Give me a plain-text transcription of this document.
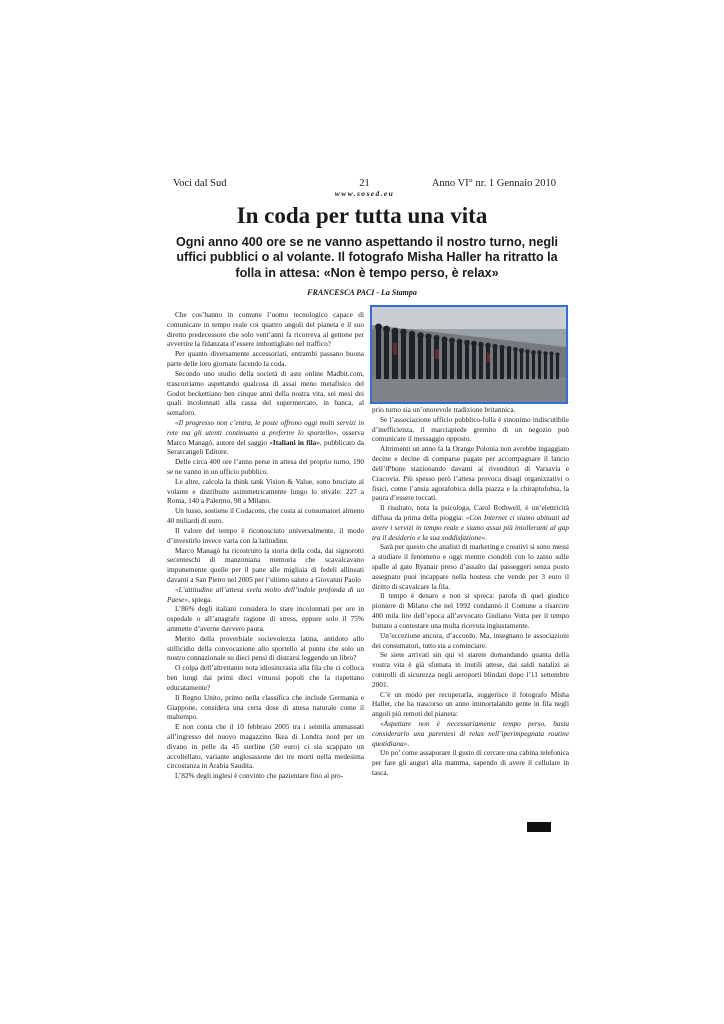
Voci dal Sud	21	Anno VI° nr. 1 Gennaio 2010
www.sosed.eu
In coda per tutta una vita
Ogni anno 400 ore se ne vanno aspettando il nostro turno, negli uffici pubblici o al volante. Il fotografo Misha Haller ha ritratto la folla in attesa: «Non è tempo perso, è relax»
FRANCESCA PACI - La Stampa

Che cos’hanno in comune l’uomo tecnologico capace di comunicare in tempo reale coi quattro angoli del pianeta e il suo diretto predecessore che solo vent’anni fa ricorreva al gettone per avvertire la fidanzata d’essere imbottigliato nel traffico?

Per quanto diversamente accessoriati, entrambi passano buona parte delle loro giornate facendo la coda.

Secondo uno studio della società di aste online Madbit.com, trascorriamo aspettando qualcosa di assai meno metafisico del Godot beckettiano ben cinque anni della nostra vita, sei mesi dei quali incolonnati alla cassa del supermercato, in banca, al semaforo.

«Il progresso non c’entra, le poste offrono oggi molti servizi in rete ma gli utenti continuano a preferire lo sportello», osserva Marco Managò, autore del saggio «Italiani in fila», pubblicato da Serarcangeli Editore.

Delle circa 400 ore l’anno perse in attesa del proprio turno, 190 se ne vanno in un ufficio pubblico.

Le altre, calcola la think tank Vision & Value, sono bruciate al volante e distribuite asimmetricamente lungo lo stivale: 227 a Roma, 140 a Palermo, 98 a Milano.

Un lusso, sostiene il Codacons, che costa ai consumatori almeno 40 miliardi di euro.

Il valore del tempo è riconosciuto universalmente, il modo d’investirlo invece varia con la latitudine.

Marco Managò ha ricostruito la storia della coda, dai signorotti secenteschi di manzoniana memoria che scavalcavano impunemente quelle per il pane alle migliaia di fedeli allineati davanti a San Pietro nel 2005 per l’ultimo saluto a Giovanni Paolo

«L’attitudine all’attesa svela molto dell’indole profonda di un Paese», spiega.

L’86% degli italiani considera lo stare incolonnati per ore in ospedale o all’anagrafe ragione di stress, eppure solo il 75% ammette d’averne davvero paura.

Merito della proverbiale socievolezza latina, antidoto allo stillicidio della convocazione allo sportello al punto che solo un nostro connazionale su dieci pensi di distrarsi leggendo un libro?

O colpa dell’altrettanto nota idiosincrasia alla fila che ci colloca ben lungi dai primi dieci virtuosi popoli che la rispettano educatamente?

Il Regno Unito, primo nella classifica che include Germania e Giappone, considera una certa dose di attesa naturale come il maltempo.

E non conta che il 10 febbraio 2005 tra i seimila ammassati all’ingresso del nuovo magazzino Ikea di Londra nord per un divano in pelle da 45 sterline (50 euro) ci sia scappato un accoltellato, variante anglosassone dei tre morti nella medesima circostanza in Arabia Saudita.

L’82% degli inglesi è convinto che pazientare fino al pro-

prio turno sia un’onorevole tradizione britannica.

Se l’associazione ufficio pubblico-folla è sinonimo indiscutibile d’inefficienza, il marciapiede gremito di un negozio può comunicare il messaggio opposto.

Altrimenti un anno fa la Orange Polonia non avrebbe ingaggiato decine e decine di comparse pagate per accompagnare il lancio dell’iPhone stazionando davanti ai rivenditori di Varsavia e Cracovia. Più spesso però l’attesa provoca disagi organizzativi o fisici, come l’ansia agorafobica della piazza e la chiraptofobia, la paura d’essere toccati.

Il risultato, nota la psicologa, Carol Rothwell, è un’elettricità diffusa da prima della pioggia: «Con Internet ci siamo abituati ad avere i servizi in tempo reale e siamo assai più intolleranti al gap tra il desiderio e la sua soddisfazione».

Sarà per questo che analisti di marketing e creativi si sono messi a studiare il fenomeno e oggi mentre ciondoli con lo zaino sulle spalle al gate Ryanair preso d’assalto dai passeggeri senza posto assegnato puoi incappare nella hostess che vende per 3 euro il diritto di scavalcare la fila.

Il tempo è denaro e non si spreca: parola di quel giudice pioniere di Milano che nel 1992 condannò il Comune a risarcire 400 mila lire dell’epoca all’avvocato Giuliano Votta per il tempo buttato a contestare una multa ricevuta ingiustamente.

Un’eccezione ancora, d’accordo. Ma, insegnano le associazioni dei consumatori, tutto sta a cominciare.

Se siete arrivati sin qui vi starete domandando quanta della vostra vita è già sfumata in inutili attese, dai saldi natalizi ai controlli di sicurezza negli aeroporti blindati dopo l’11 settembre 2001.

C’è un modo per recuperarla, suggerisce il fotografo Misha Haller, che ha trascorso un anno immortalando gente in fila negli angoli più remoti del pianeta:

«Aspettare non è necessariamente tempo perso, basta considerarlo una parentesi di relax nell’iperimpegnata routine quotidiana».

Un po’ come assaporare il gusto di cercare una cabina telefonica per fare gli auguri alla mamma, sapendo di avere il cellulare in tasca.
